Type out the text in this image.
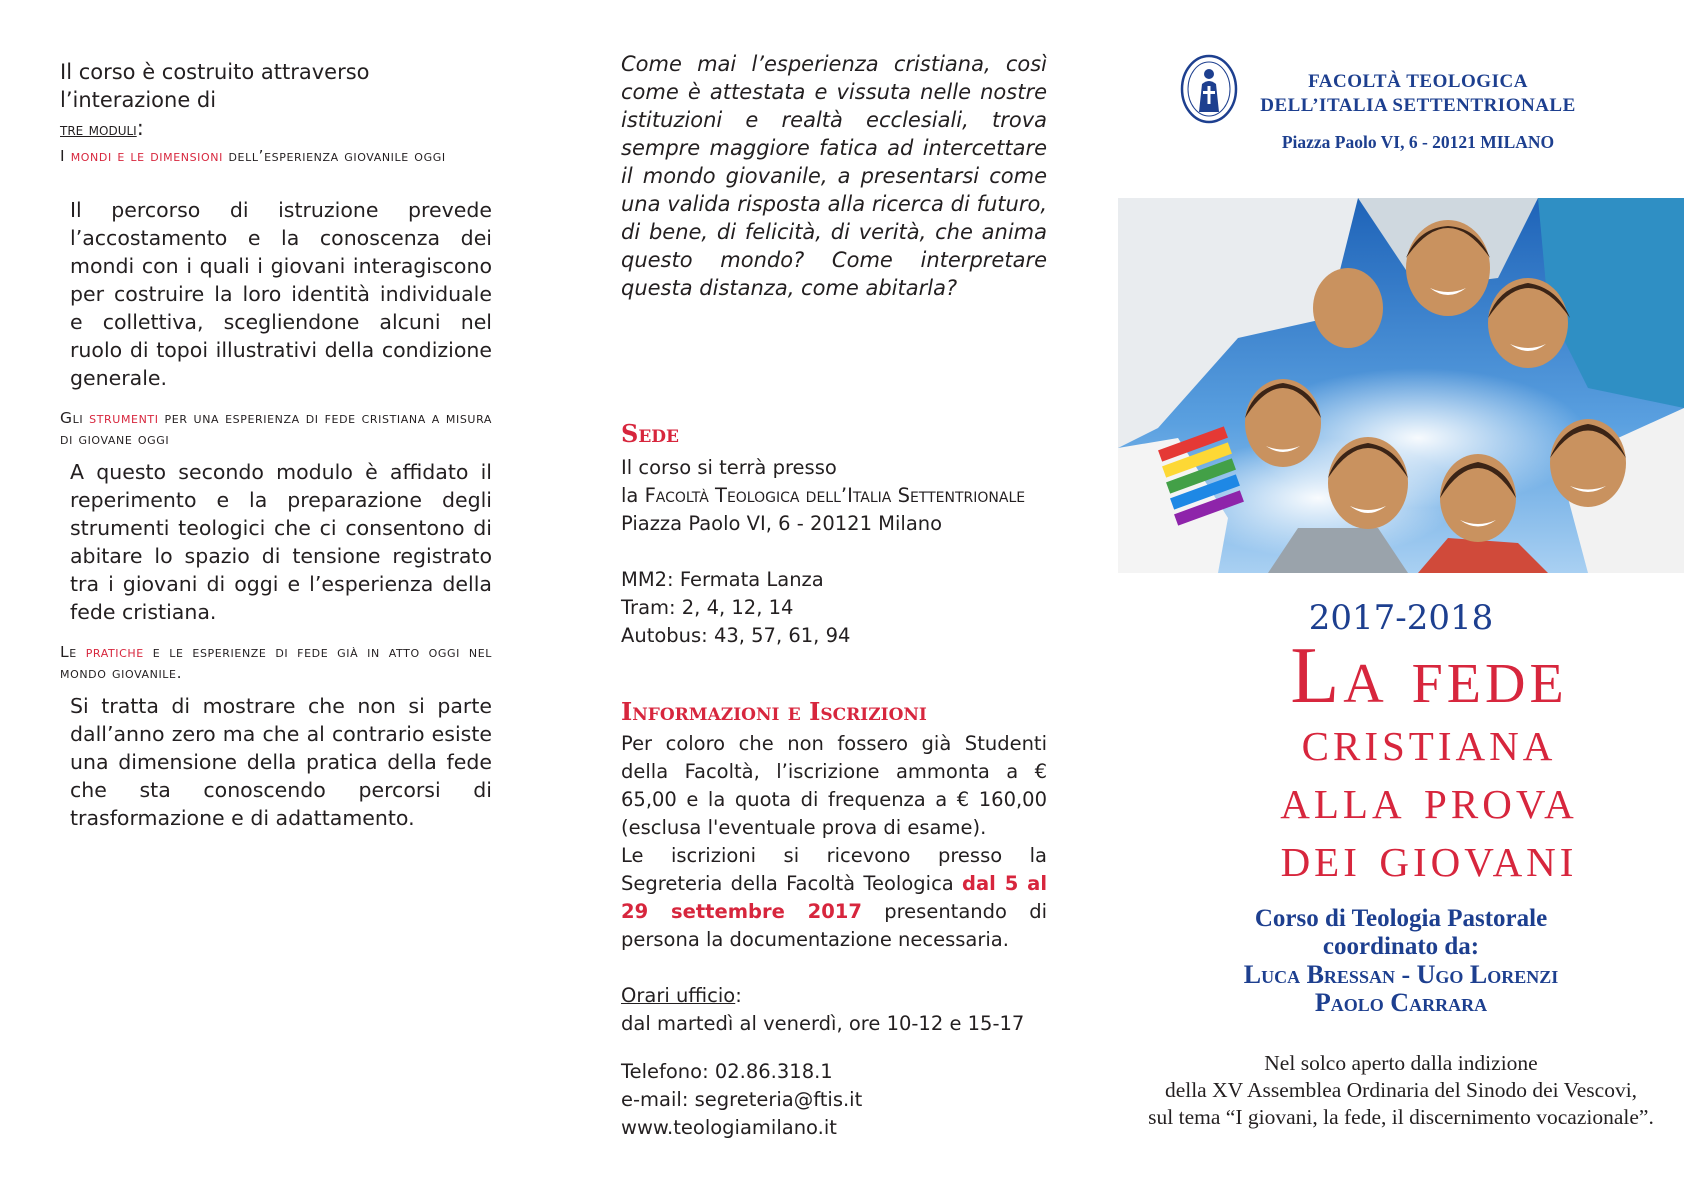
Il corso è costruito attraverso l’interazione di
tre moduli:
I mondi e le dimensioni dell’esperienza giovanile oggi
Il percorso di istruzione prevede l’accostamento e la conoscenza dei mondi con i quali i giovani interagiscono per costruire la loro identità individuale e collettiva, scegliendone alcuni nel ruolo di topoi illustrativi della condizione generale.
Gli strumenti per una esperienza di fede cristiana a misura di giovane oggi
A questo secondo modulo è affidato il reperimento e la preparazione degli strumenti teologici che ci consentono di abitare lo spazio di tensione registrato tra i giovani di oggi e l’esperienza della fede cristiana.
Le pratiche e le esperienze di fede già in atto oggi nel mondo giovanile.
Si tratta di mostrare che non si parte dall’anno zero ma che al contrario esiste una dimensione della pratica della fede che sta conoscendo percorsi di trasformazione e di adattamento.
Come mai l’esperienza cristiana, così come è attestata e vissuta nelle nostre istituzioni e realtà ecclesiali, trova sempre maggiore fatica ad intercettare il mondo giovanile, a presentarsi come una valida risposta alla ricerca di futuro, di bene, di felicità, di verità, che anima questo mondo? Come interpretare questa distanza, come abitarla?
Sede
Il corso si terrà presso
la Facoltà Teologica dell’Italia Settentrionale
Piazza Paolo VI, 6 - 20121 Milano
MM2: Fermata Lanza
Tram: 2, 4, 12, 14
Autobus: 43, 57, 61, 94
Informazioni e Iscrizioni
Per coloro che non fossero già Studenti della Facoltà, l’iscrizione ammonta a € 65,00 e la quota di frequenza a € 160,00 (esclusa l'eventuale prova di esame).
Le iscrizioni si ricevono presso la Segreteria della Facoltà Teologica dal 5 al 29 settembre 2017 presentando di persona la documentazione necessaria.
Orari ufficio:
dal martedì al venerdì, ore 10-12 e 15-17
Telefono: 02.86.318.1
e-mail: segreteria@ftis.it
www.teologiamilano.it
FACOLTÀ TEOLOGICA
DELL’ITALIA SETTENTRIONALE
Piazza Paolo VI, 6 - 20121 MILANO
2017-2018
La fede
cristiana
alla prova
dei giovani
Corso di Teologia Pastorale
coordinato da:
Luca Bressan - Ugo Lorenzi
Paolo Carrara
Nel solco aperto dalla indizione
della XV Assemblea Ordinaria del Sinodo dei Vescovi,
sul tema “I giovani, la fede, il discernimento vocazionale”.
